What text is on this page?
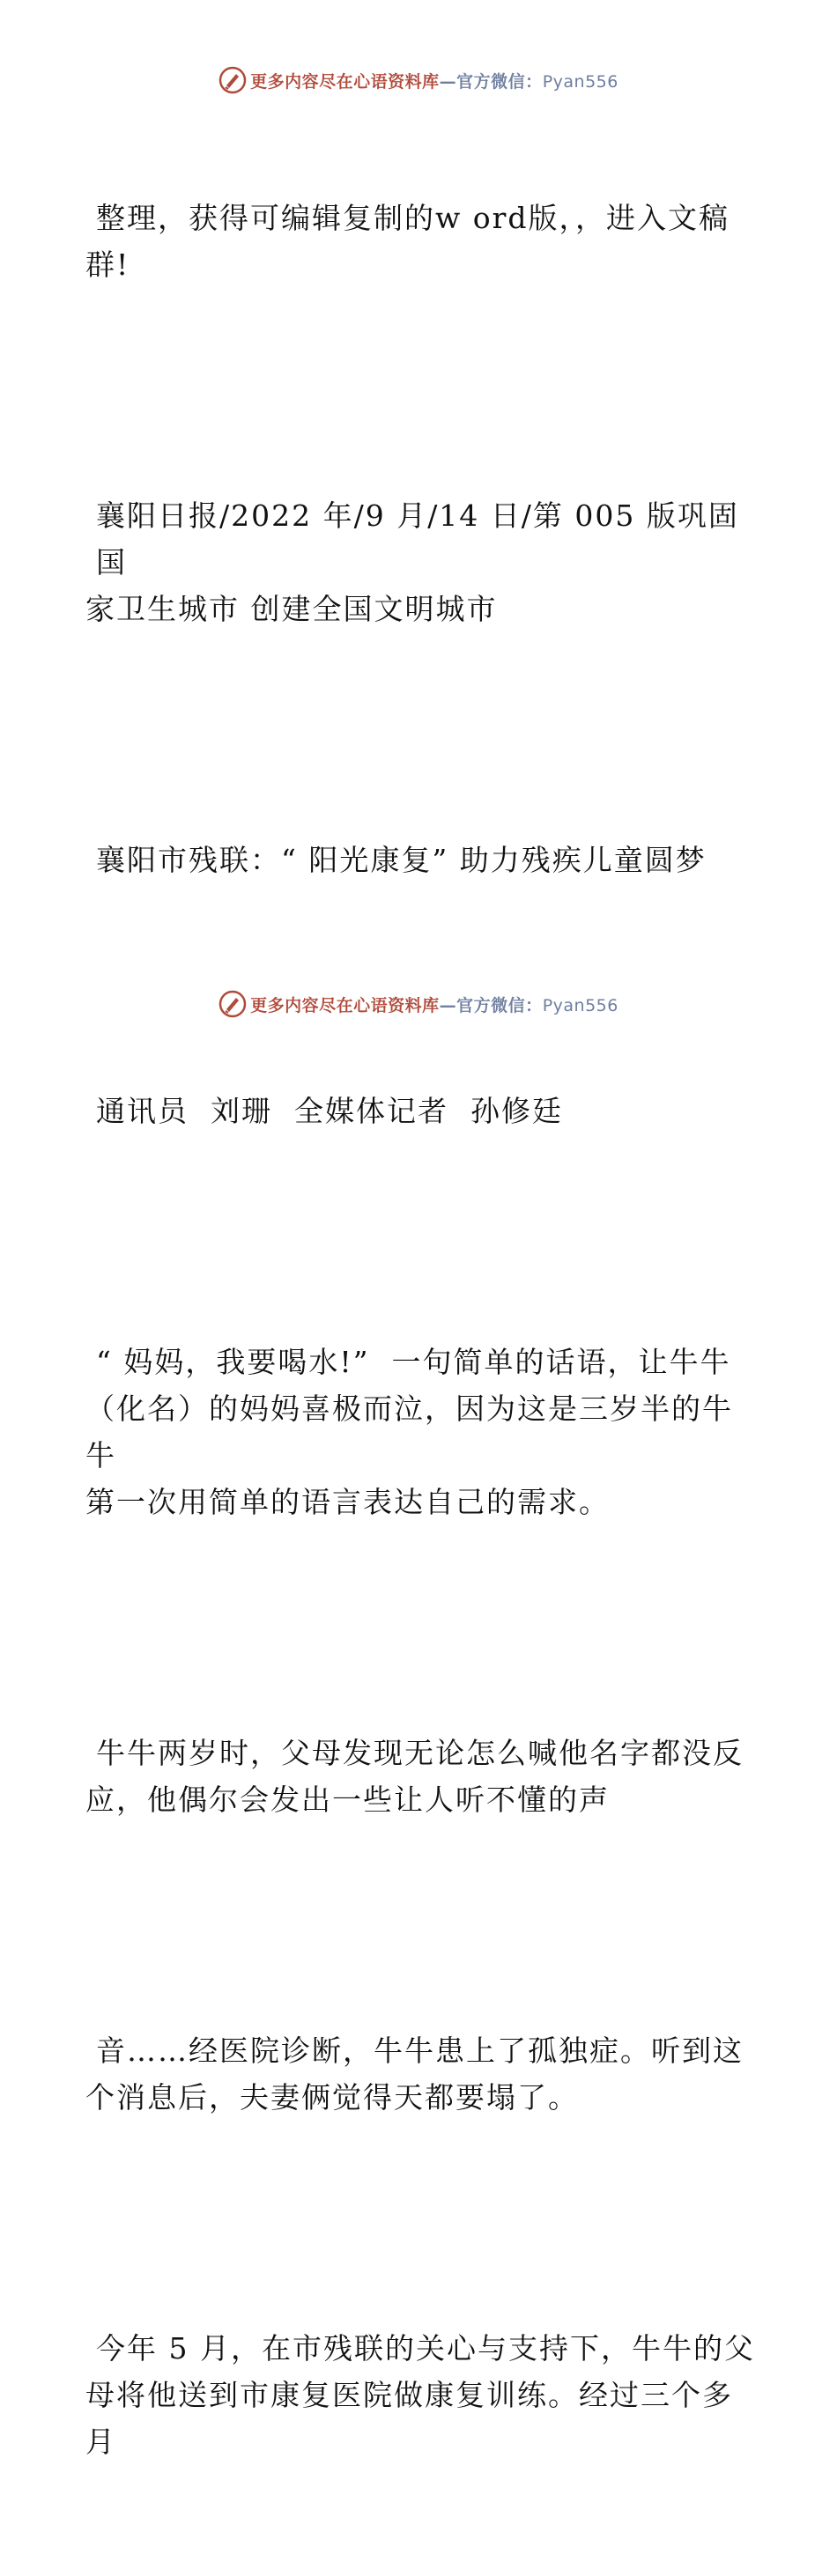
更多内容尽在心语资料库—官方微信：Pyan556

整理，获得可编辑复制的w ord版，，进入文稿
群!

襄阳日报/2022 年/9 月/14 日/第 005 版巩固国
家卫生城市 创建全国文明城市

襄阳市残联：“ 阳光康复” 助力残疾儿童圆梦

通讯员  刘珊  全媒体记者  孙修廷

“ 妈妈，我要喝水!”  一句简单的话语，让牛牛
（化名）的妈妈喜极而泣，因为这是三岁半的牛牛
第一次用简单的语言表达自己的需求。

牛牛两岁时，父母发现无论怎么喊他名字都没反
应，他偶尔会发出一些让人听不懂的声

音……经医院诊断，牛牛患上了孤独症。听到这
个消息后，夫妻俩觉得天都要塌了。

今年 5 月，在市残联的关心与支持下，牛牛的父
母将他送到市康复医院做康复训练。经过三个多月

更多内容尽在心语资料库—官方微信：Pyan556
